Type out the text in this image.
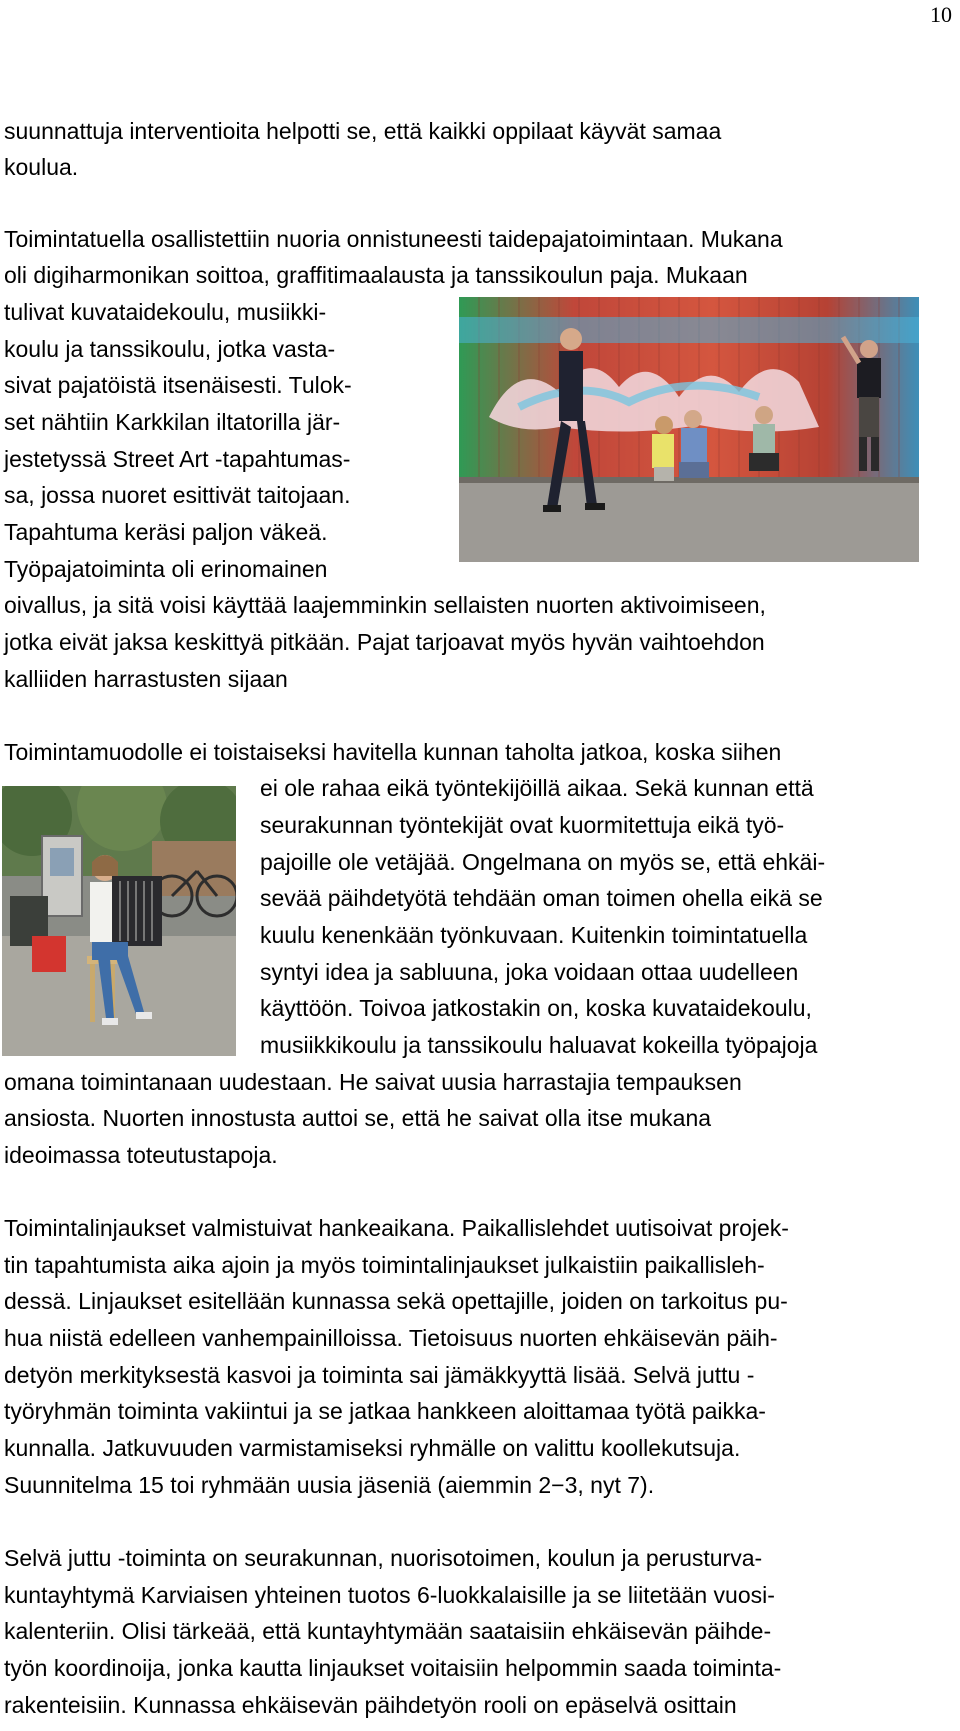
10
suunnattuja interventioita helpotti se, että kaikki oppilaat käyvät samaa
koulua.
Toimintatuella osallistettiin nuoria onnistuneesti taidepajatoimintaan. Mukana
oli digiharmonikan soittoa, graffitimaalausta ja tanssikoulun paja. Mukaan
tulivat kuvataidekoulu, musiikki-
koulu ja tanssikoulu, jotka vasta-
sivat pajatöistä itsenäisesti. Tulok-
set nähtiin Karkkilan iltatorilla jär-
jestetyssä Street Art -tapahtumas-
sa, jossa nuoret esittivät taitojaan.
Tapahtuma keräsi paljon väkeä.
Työpajatoiminta oli erinomainen
oivallus, ja sitä voisi käyttää laajemminkin sellaisten nuorten aktivoimiseen,
jotka eivät jaksa keskittyä pitkään. Pajat tarjoavat myös hyvän vaihtoehdon
kalliiden harrastusten sijaan
Toimintamuodolle ei toistaiseksi havitella kunnan taholta jatkoa, koska siihen
ei ole rahaa eikä työntekijöillä aikaa. Sekä kunnan että
seurakunnan työntekijät ovat kuormitettuja eikä työ-
pajoille ole vetäjää. Ongelmana on myös se, että ehkäi-
sevää päihdetyötä tehdään oman toimen ohella eikä se
kuulu kenenkään työnkuvaan. Kuitenkin toimintatuella
syntyi idea ja sabluuna, joka voidaan ottaa uudelleen
käyttöön. Toivoa jatkostakin on, koska kuvataidekoulu,
musiikkikoulu ja tanssikoulu haluavat kokeilla työpajoja
omana toimintanaan uudestaan. He saivat uusia harrastajia tempauksen
ansiosta. Nuorten innostusta auttoi se, että he saivat olla itse mukana
ideoimassa toteutustapoja.
Toimintalinjaukset valmistuivat hankeaikana. Paikallislehdet uutisoivat projek-
tin tapahtumista aika ajoin ja myös toimintalinjaukset julkaistiin paikallisleh-
dessä. Linjaukset esitellään kunnassa sekä opettajille, joiden on tarkoitus pu-
hua niistä edelleen vanhempainilloissa. Tietoisuus nuorten ehkäisevän päih-
detyön merkityksestä kasvoi ja toiminta sai jämäkkyyttä lisää. Selvä juttu -
työryhmän toiminta vakiintui ja se jatkaa hankkeen aloittamaa työtä paikka-
kunnalla. Jatkuvuuden varmistamiseksi ryhmälle on valittu koollekutsuja.
Suunnitelma 15 toi ryhmään uusia jäseniä (aiemmin 2−3, nyt 7).
Selvä juttu -toiminta on seurakunnan, nuorisotoimen, koulun ja perusturva-
kuntayhtymä Karviaisen yhteinen tuotos 6-luokkalaisille ja se liitetään vuosi-
kalenteriin. Olisi tärkeää, että kuntayhtymään saataisiin ehkäisevän päihde-
työn koordinoija, jonka kautta linjaukset voitaisiin helpommin saada toiminta-
rakenteisiin. Kunnassa ehkäisevän päihdetyön rooli on epäselvä osittain
